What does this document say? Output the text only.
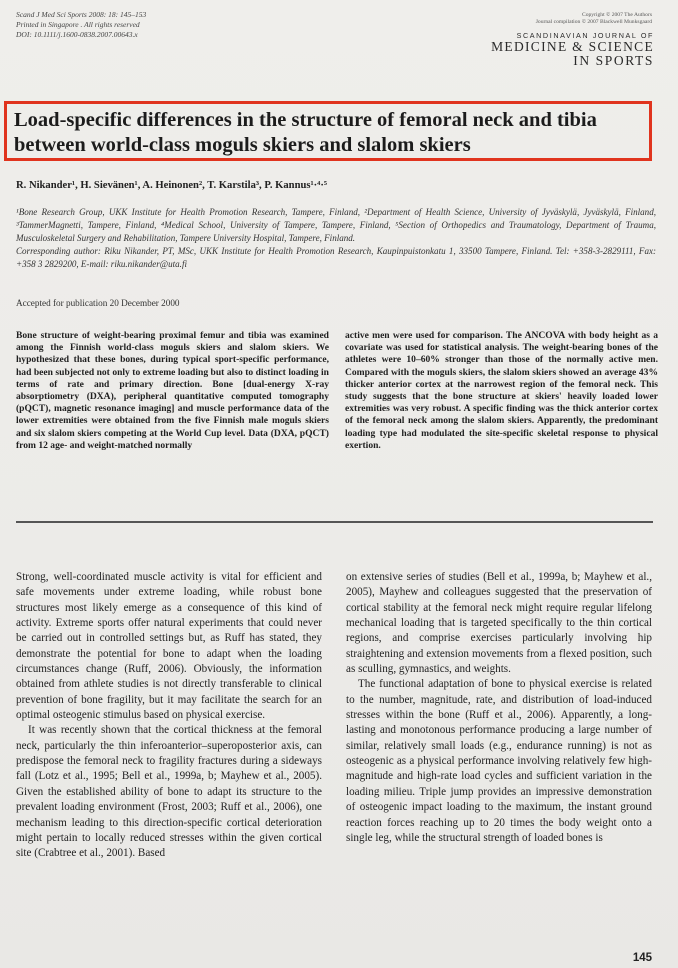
Scand J Med Sci Sports 2008: 18: 145–153
Printed in Singapore . All rights reserved
DOI: 10.1111/j.1600-0838.2007.00643.x
Copyright © 2007 The Authors
Journal compilation © 2007 Blackwell Munksgaard
SCANDINAVIAN JOURNAL OF
MEDICINE & SCIENCE
IN SPORTS
Load-specific differences in the structure of femoral neck and tibia between world-class moguls skiers and slalom skiers
R. Nikander¹, H. Sievänen¹, A. Heinonen², T. Karstila³, P. Kannus¹·⁴·⁵
¹Bone Research Group, UKK Institute for Health Promotion Research, Tampere, Finland, ²Department of Health Science, University of Jyväskylä, Jyväskylä, Finland, ³TammerMagnetti, Tampere, Finland, ⁴Medical School, University of Tampere, Tampere, Finland, ⁵Section of Orthopedics and Traumatology, Department of Trauma, Musculoskeletal Surgery and Rehabilitation, Tampere University Hospital, Tampere, Finland.
Corresponding author: Riku Nikander, PT, MSc, UKK Institute for Health Promotion Research, Kaupinpuistonkatu 1, 33500 Tampere, Finland. Tel: +358-3-2829111, Fax: +358 3 2829200, E-mail: riku.nikander@uta.fi
Accepted for publication 20 December 2000
Bone structure of weight-bearing proximal femur and tibia was examined among the Finnish world-class moguls skiers and slalom skiers. We hypothesized that these bones, during typical sport-specific performance, had been subjected not only to extreme loading but also to distinct loading in terms of rate and primary direction. Bone [dual-energy X-ray absorptiometry (DXA), peripheral quantitative computed tomography (pQCT), magnetic resonance imaging] and muscle performance data of the lower extremities were obtained from the five Finnish male moguls skiers and six slalom skiers competing at the World Cup level. Data (DXA, pQCT) from 12 age- and weight-matched normally
active men were used for comparison. The ANCOVA with body height as a covariate was used for statistical analysis. The weight-bearing bones of the athletes were 10–60% stronger than those of the normally active men. Compared with the moguls skiers, the slalom skiers showed an average 43% thicker anterior cortex at the narrowest region of the femoral neck. This study suggests that the bone structure at skiers' heavily loaded lower extremities was very robust. A specific finding was the thick anterior cortex of the femoral neck among the slalom skiers. Apparently, the predominant loading type had modulated the site-specific skeletal response to physical exertion.

Strong, well-coordinated muscle activity is vital for efficient and safe movements under extreme loading, while robust bone structures most likely emerge as a consequence of this kind of activity. Extreme sports offer natural experiments that could never be carried out in controlled settings but, as Ruff has stated, they demonstrate the potential for bone to adapt when the loading circumstances change (Ruff, 2006). Obviously, the information obtained from athlete studies is not directly transferable to clinical prevention of bone fragility, but it may facilitate the search for an optimal osteogenic stimulus based on physical exercise.

It was recently shown that the cortical thickness at the femoral neck, particularly the thin inferoanterior–superoposterior axis, can predispose the femoral neck to fragility fractures during a sideways fall (Lotz et al., 1995; Bell et al., 1999a, b; Mayhew et al., 2005). Given the established ability of bone to adapt its structure to the prevalent loading environment (Frost, 2003; Ruff et al., 2006), one mechanism leading to this direction-specific cortical deterioration might pertain to locally reduced stresses within the given cortical site (Crabtree et al., 2001). Based

on extensive series of studies (Bell et al., 1999a, b; Mayhew et al., 2005), Mayhew and colleagues suggested that the preservation of cortical stability at the femoral neck might require regular lifelong mechanical loading that is targeted specifically to the thin cortical regions, and comprise exercises particularly involving hip straightening and extension movements from a flexed position, such as sculling, gymnastics, and weights.

The functional adaptation of bone to physical exercise is related to the number, magnitude, rate, and distribution of load-induced stresses within the bone (Ruff et al., 2006). Apparently, a long-lasting and monotonous performance producing a large number of similar, relatively small loads (e.g., endurance running) is not as osteogenic as a physical performance involving relatively few high-magnitude and high-rate load cycles and sufficient variation in the loading milieu. Triple jump provides an impressive demonstration of osteogenic impact loading to the maximum, the instant ground reaction forces reaching up to 20 times the body weight onto a single leg, while the structural strength of loaded bones is

145
